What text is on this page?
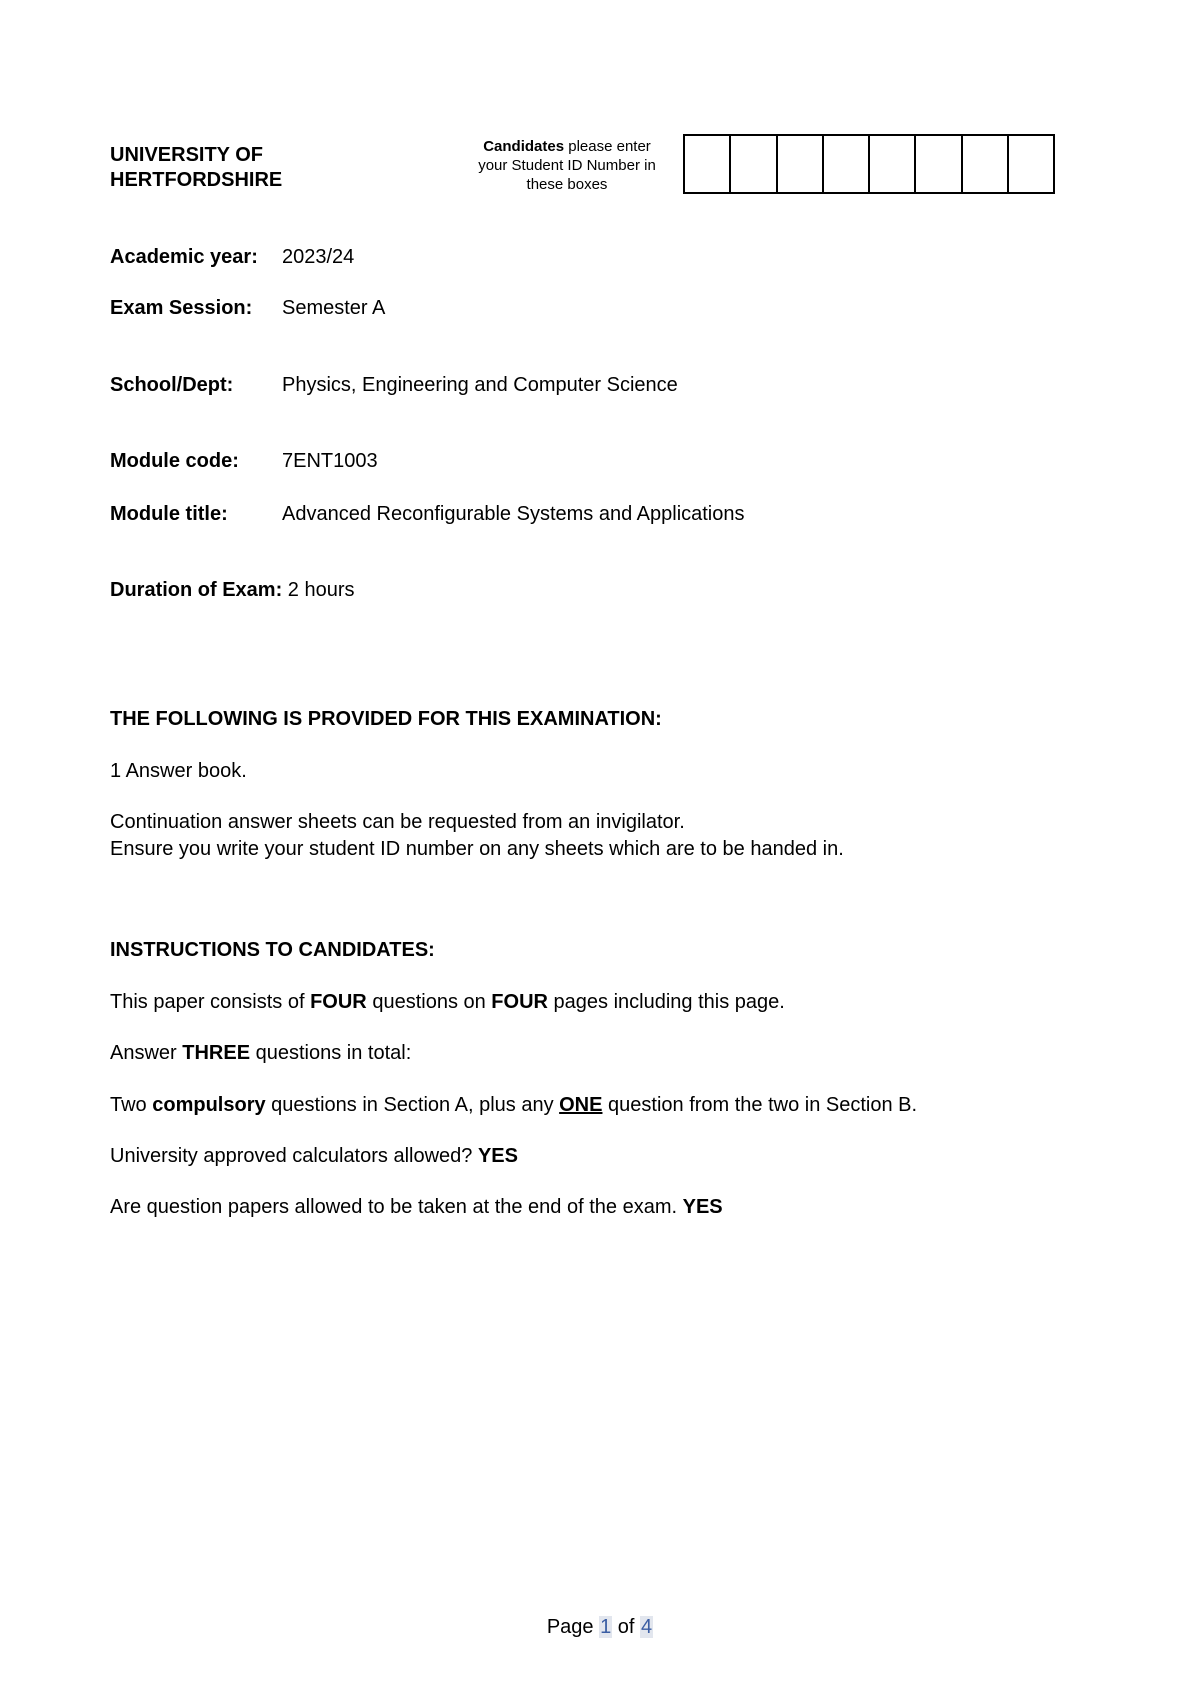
UNIVERSITY OF
HERTFORDSHIRE
Candidates please enter
your Student ID Number in
these boxes
Academic year: 2023/24
Exam Session: Semester A
School/Dept: Physics, Engineering and Computer Science
Module code: 7ENT1003
Module title:	Advanced Reconfigurable Systems and Applications
Duration of Exam: 2 hours
THE FOLLOWING IS PROVIDED FOR THIS EXAMINATION:
1 Answer book.
Continuation answer sheets can be requested from an invigilator.
Ensure you write your student ID number on any sheets which are to be handed in.
INSTRUCTIONS TO CANDIDATES:
This paper consists of FOUR questions on FOUR pages including this page.
Answer THREE questions in total:
Two compulsory questions in Section A, plus any ONE question from the two in Section B.
University approved calculators allowed? YES
Are question papers allowed to be taken at the end of the exam. YES
Page 1 of 4
